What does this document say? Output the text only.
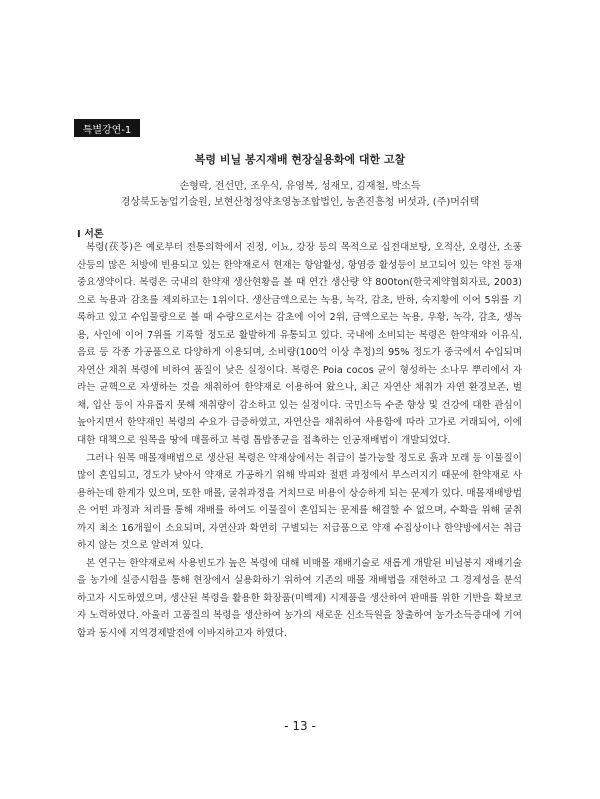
특별강연-1
복령 비닐 봉지재배 현장실용화에 대한 고찰
손형락, 전선만, 조우식, 유영복, 성재모, 김재철, 박소득
경상북도농업기술원, 보현산청정약초영농조합법인, 농촌진흥청 버섯과, (주)머쉬택
Ⅰ 서론

복령(茯苓)은 예로부터 전통의학에서 진정, 이뇨, 강장 등의 목적으로 십전대보탕, 오적산, 오령산, 소풍산등의 많은 처방에 빈용되고 있는 한약재로서 현재는 항암활성, 항염증 활성등이 보고되어 있는 약전 등재 중요생약이다. 복령은 국내의 한약재 생산현황을 볼 때 연간 생산량 약 800ton(한국제약협회자료, 2003)으로 녹용과 감초를 제외하고는 1위이다. 생산금액으로는 녹용, 녹각, 감초, 반하, 숙지황에 이어 5위를 기록하고 있고 수입물량으로 볼 때 수량으로서는 감초에 이어 2위, 금액으로는 녹용, 우황, 녹각, 감초, 생녹용, 사인에 이어 7위를 기록할 정도로 활발하게 유통되고 있다. 국내에 소비되는 복령은 한약재와 이유식, 음료 등 각종 가공품으로 다양하게 이용되며, 소비량(100억 이상 추정)의 95% 정도가 중국에서 수입되며 자연산 채취 복령에 비하여 품질이 낮은 실정이다. 복령은 Poia cocos 균이 형성하는 소나무 뿌리에서 자라는 균핵으로 자생하는 것을 채취하여 한약재로 이용하여 왔으나, 최근 자연산 채취가 자연 환경보존, 벌채, 입산 등이 자유롭지 못해 채취량이 감소하고 있는 실정이다. 국민소득 수준 향상 및 건강에 대한 관심이 높아지면서 한약재인 복령의 수요가 급증하였고, 자연산을 채취하여 사용함에 따라 고가로 거래되어, 이에 대한 대책으로 원목을 땅에 매몰하고 복령 톱밥종균을 접촉하는 인공재배법이 개발되었다.

그러나 원목 매몰재배법으로 생산된 복령은 약재상에서는 취급이 불가능할 정도로 흙과 모래 등 이물질이 많이 혼입되고, 경도가 낮아서 약재로 가공하기 위해 박피와 절편 과정에서 부스러지기 때문에 한약재로 사용하는데 한계가 있으며, 또한 매몰, 굴취과정을 거치므로 비용이 상승하게 되는 문제가 있다. 매몰재배방법은 어떤 과정과 처리를 통해 재배를 하여도 이물질이 혼입되는 문제를 해결할 수 없으며, 수확을 위해 굴취까지 최소 16개월이 소요되며, 자연산과 확연히 구별되는 저급품으로 약재 수집상이나 한약방에서는 취급하지 않는 것으로 알려져 있다.

본 연구는 한약재로써 사용빈도가 높은 복령에 대해 비매몰 재배기술로 새롭게 개발된 비닐봉지 재배기술을 농가에 실증시험을 통해 현장에서 실용화하기 위하여 기존의 매몰 재배법을 재현하고 그 경제성을 분석하고자 시도하였으며, 생산된 복령을 활용한 화장품(미백제) 시제품을 생산하여 판매를 위한 기반을 확보코자 노력하였다. 아울러 고품질의 복령을 생산하여 농가의 새로운 신소득원을 창출하여 농가소득증대에 기여함과 동시에 지역경제발전에 이바지하고자 하였다.

- 13 -
